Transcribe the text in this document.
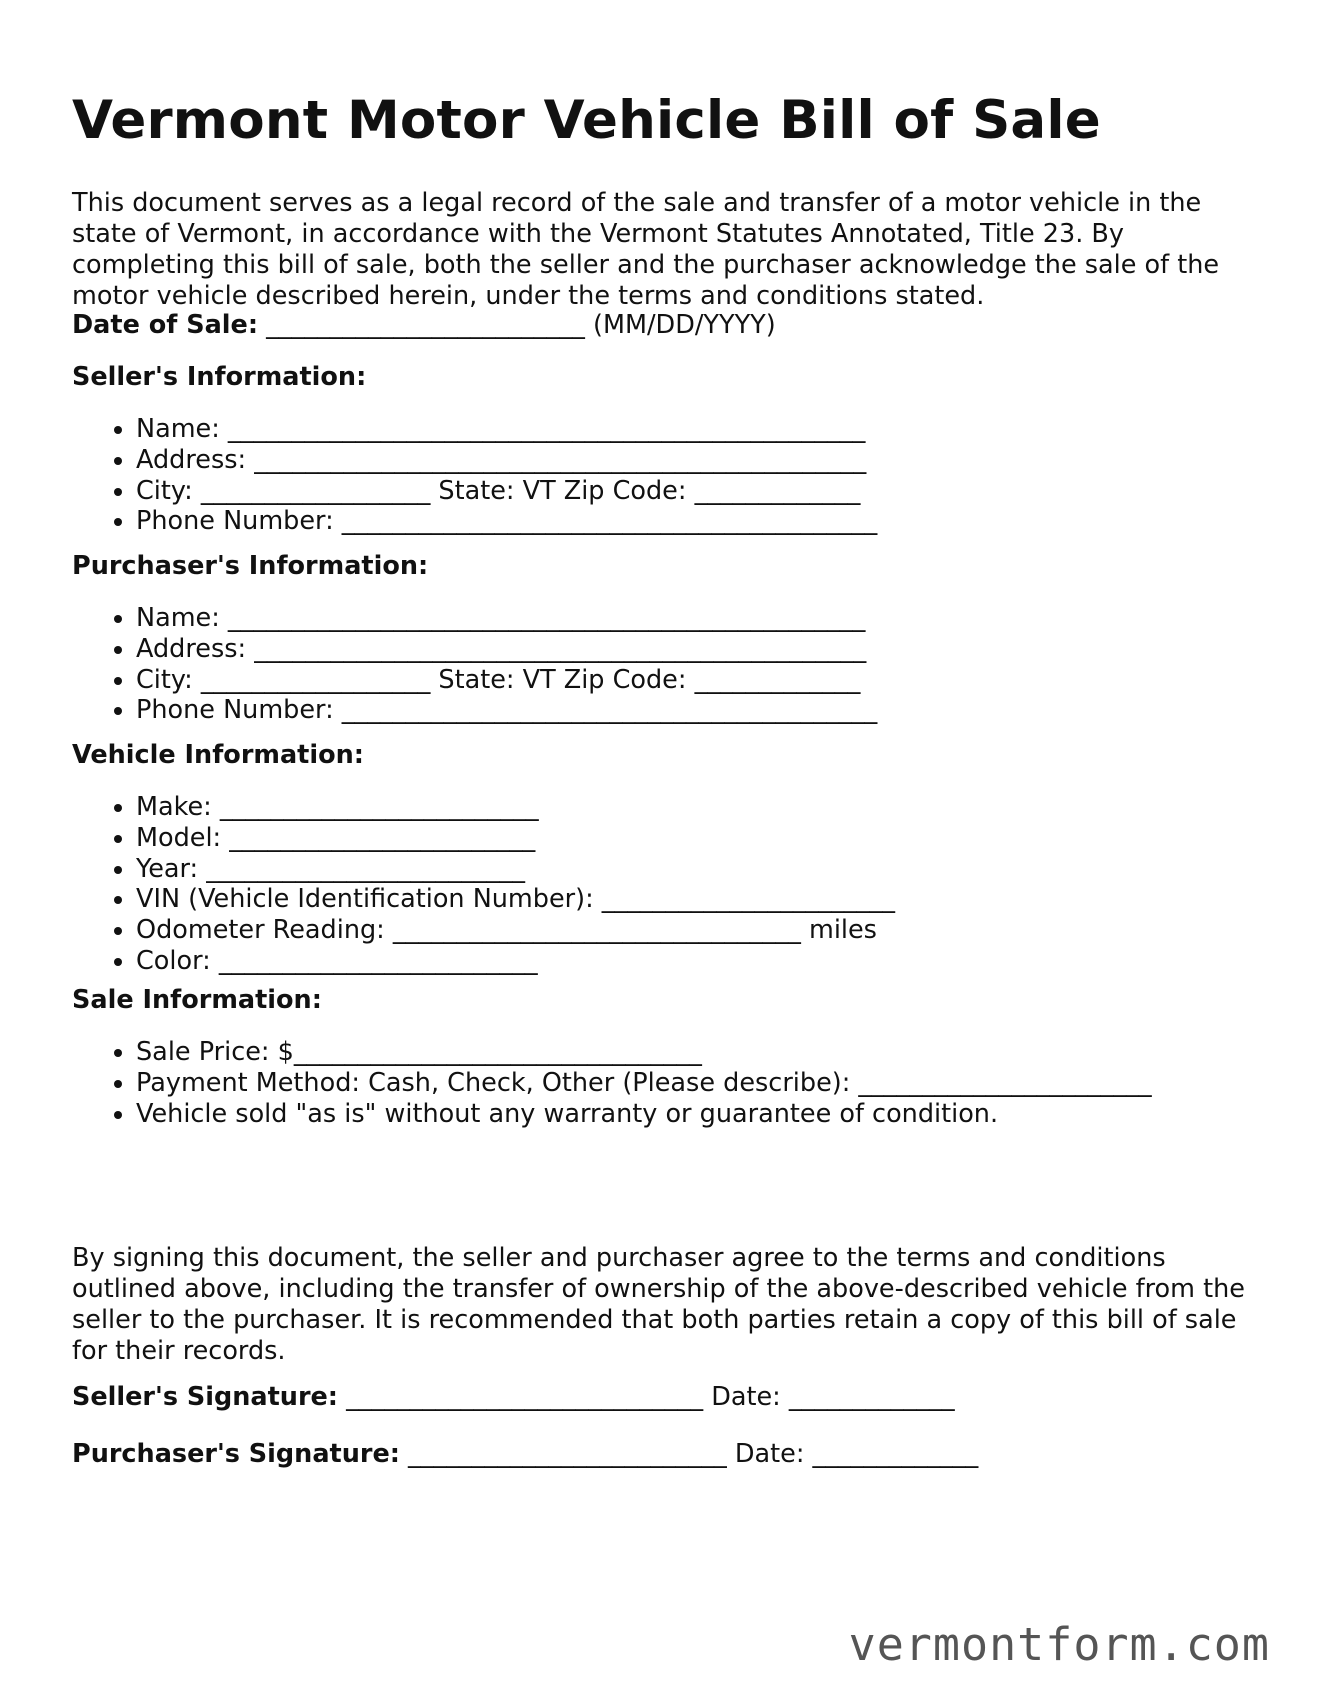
Vermont Motor Vehicle Bill of Sale

This document serves as a legal record of the sale and transfer of a motor vehicle in the state of Vermont, in accordance with the Vermont Statutes Annotated, Title 23. By completing this bill of sale, both the seller and the purchaser acknowledge the sale of the motor vehicle described herein, under the terms and conditions stated.

Date of Sale: _________________________ (MM/DD/YYYY)
Seller's Information:
• Name: __________________________________________________
• Address: ________________________________________________
• City: __________________ State: VT Zip Code: _____________
• Phone Number: __________________________________________
Purchaser's Information:
• Name: __________________________________________________
• Address: ________________________________________________
• City: __________________ State: VT Zip Code: _____________
• Phone Number: __________________________________________
Vehicle Information:
• Make: _________________________
• Model: ________________________
• Year: _________________________
• VIN (Vehicle Identification Number): _______________________
• Odometer Reading: ________________________________ miles
• Color: _________________________
Sale Information:
• Sale Price: $________________________________
• Payment Method: Cash, Check, Other (Please describe): _______________________
• Vehicle sold "as is" without any warranty or guarantee of condition.

By signing this document, the seller and purchaser agree to the terms and conditions outlined above, including the transfer of ownership of the above-described vehicle from the seller to the purchaser. It is recommended that both parties retain a copy of this bill of sale for their records.

Seller's Signature: ____________________________ Date: _____________
Purchaser's Signature: _________________________ Date: _____________
vermontform.com
